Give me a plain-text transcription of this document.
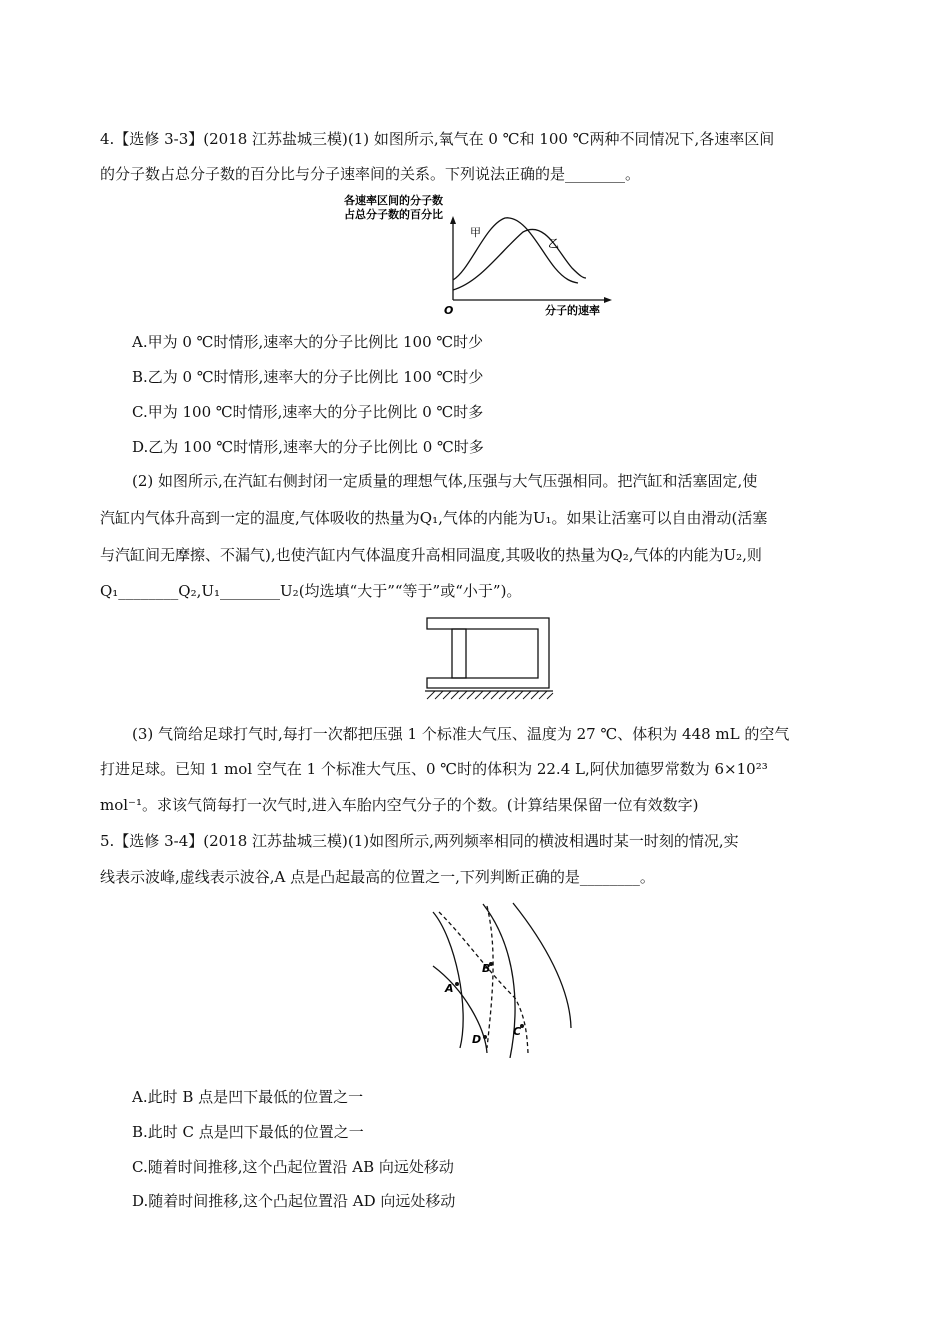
4.【选修 3-3】(2018 江苏盐城三模)(1) 如图所示,氧气在 0 ℃和 100 ℃两种不同情况下,各速率区间
的分子数占总分子数的百分比与分子速率间的关系。下列说法正确的是________。
各速率区间的分子数
占总分子数的百分比
甲
乙
O	分子的速率
A.甲为 0 ℃时情形,速率大的分子比例比 100 ℃时少
B.乙为 0 ℃时情形,速率大的分子比例比 100 ℃时少
C.甲为 100 ℃时情形,速率大的分子比例比 0 ℃时多
D.乙为 100 ℃时情形,速率大的分子比例比 0 ℃时多
(2) 如图所示,在汽缸右侧封闭一定质量的理想气体,压强与大气压强相同。把汽缸和活塞固定,使
汽缸内气体升高到一定的温度,气体吸收的热量为Q₁,气体的内能为U₁。如果让活塞可以自由滑动(活塞
与汽缸间无摩擦、不漏气),也使汽缸内气体温度升高相同温度,其吸收的热量为Q₂,气体的内能为U₂,则
Q₁________Q₂,U₁________U₂(均选填“大于”“等于”或“小于”)。
(3) 气筒给足球打气时,每打一次都把压强 1 个标准大气压、温度为 27 ℃、体积为 448 mL 的空气
打进足球。已知 1 mol 空气在 1 个标准大气压、0 ℃时的体积为 22.4 L,阿伏加德罗常数为 6×10²³
mol⁻¹。求该气筒每打一次气时,进入车胎内空气分子的个数。(计算结果保留一位有效数字)
5.【选修 3-4】(2018 江苏盐城三模)(1)如图所示,两列频率相同的横波相遇时某一时刻的情况,实
线表示波峰,虚线表示波谷,A 点是凸起最高的位置之一,下列判断正确的是________。
A
B
C
D
A.此时 B 点是凹下最低的位置之一
B.此时 C 点是凹下最低的位置之一
C.随着时间推移,这个凸起位置沿 AB 向远处移动
D.随着时间推移,这个凸起位置沿 AD 向远处移动
